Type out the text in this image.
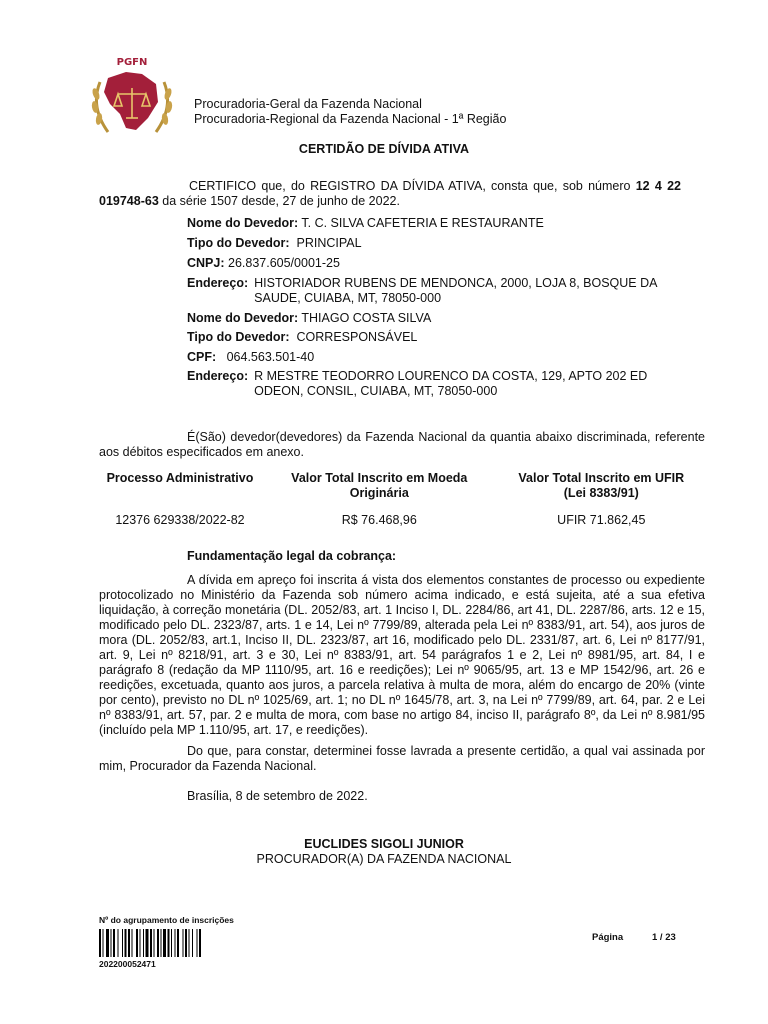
PGFN
Procuradoria-Geral da Fazenda Nacional
Procuradoria-Regional da Fazenda Nacional - 1ª Região
CERTIDÃO DE DÍVIDA ATIVA
CERTIFICO que, do REGISTRO DA DÍVIDA ATIVA, consta que, sob número 12 4 22 019748-63 da série 1507 desde, 27 de junho de 2022.
Nome do Devedor: T. C. SILVA CAFETERIA E RESTAURANTE
Tipo do Devedor: PRINCIPAL
CNPJ: 26.837.605/0001-25
Endereço: HISTORIADOR RUBENS DE MENDONCA, 2000, LOJA 8, BOSQUE DA SAUDE, CUIABA, MT, 78050-000
Nome do Devedor: THIAGO COSTA SILVA
Tipo do Devedor: CORRESPONSÁVEL
CPF: 064.563.501-40
Endereço: R MESTRE TEODORRO LOURENCO DA COSTA, 129, APTO 202 ED ODEON, CONSIL, CUIABA, MT, 78050-000
É(São) devedor(devedores) da Fazenda Nacional da quantia abaixo discriminada, referente aos débitos especificados em anexo.
Processo Administrativo	Valor Total Inscrito em Moeda Originária	Valor Total Inscrito em UFIR (Lei 8383/91)
12376 629338/2022-82	R$ 76.468,96	UFIR 71.862,45
Fundamentação legal da cobrança:
A dívida em apreço foi inscrita á vista dos elementos constantes de processo ou expediente protocolizado no Ministério da Fazenda sob número acima indicado, e está sujeita, até a sua efetiva liquidação, à correção monetária (DL. 2052/83, art. 1 Inciso I, DL. 2284/86, art 41, DL. 2287/86, arts. 12 e 15, modificado pelo DL. 2323/87, arts. 1 e 14, Lei nº 7799/89, alterada pela Lei nº 8383/91, art. 54), aos juros de mora (DL. 2052/83, art.1, Inciso II, DL. 2323/87, art 16, modificado pelo DL. 2331/87, art. 6, Lei nº 8177/91, art. 9, Lei nº 8218/91, art. 3 e 30, Lei nº 8383/91, art. 54 parágrafos 1 e 2, Lei nº 8981/95, art. 84, I e parágrafo 8 (redação da MP 1110/95, art. 16 e reedições); Lei nº 9065/95, art. 13 e MP 1542/96, art. 26 e reedições, excetuada, quanto aos juros, a parcela relativa à multa de mora, além do encargo de 20% (vinte por cento), previsto no DL nº 1025/69, art. 1; no DL nº 1645/78, art. 3, na Lei nº 7799/89, art. 64, par. 2 e Lei nº 8383/91, art. 57, par. 2 e multa de mora, com base no artigo 84, inciso II, parágrafo 8º, da Lei nº 8.981/95 (incluído pela MP 1.110/95, art. 17, e reedições).
Do que, para constar, determinei fosse lavrada a presente certidão, a qual vai assinada por mim, Procurador da Fazenda Nacional.
Brasília, 8 de setembro de 2022.
EUCLIDES SIGOLI JUNIOR
PROCURADOR(A) DA FAZENDA NACIONAL
Nº do agrupamento de inscrições
202200052471
Página	1 / 23
